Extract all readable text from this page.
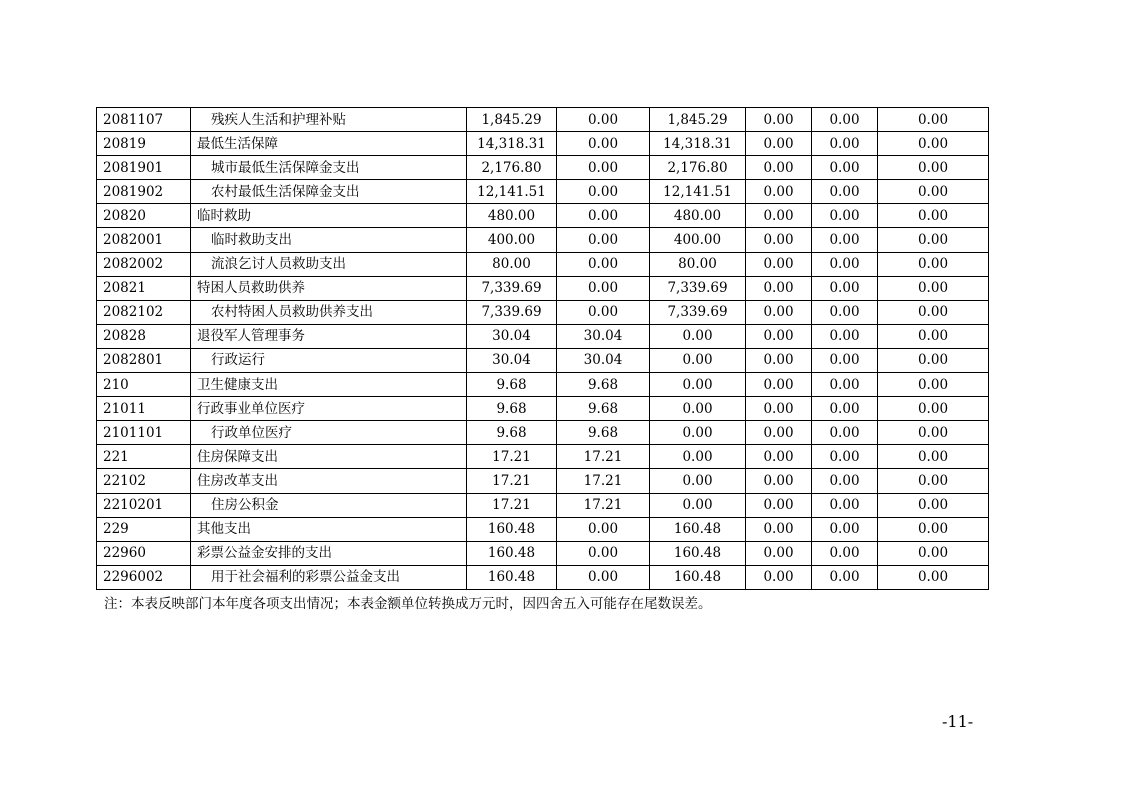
2081107	残疾人生活和护理补贴	1,845.29	0.00	1,845.29	0.00	0.00	0.00
20819	最低生活保障	14,318.31	0.00	14,318.31	0.00	0.00	0.00
2081901	城市最低生活保障金支出	2,176.80	0.00	2,176.80	0.00	0.00	0.00
2081902	农村最低生活保障金支出	12,141.51	0.00	12,141.51	0.00	0.00	0.00
20820	临时救助	480.00	0.00	480.00	0.00	0.00	0.00
2082001	临时救助支出	400.00	0.00	400.00	0.00	0.00	0.00
2082002	流浪乞讨人员救助支出	80.00	0.00	80.00	0.00	0.00	0.00
20821	特困人员救助供养	7,339.69	0.00	7,339.69	0.00	0.00	0.00
2082102	农村特困人员救助供养支出	7,339.69	0.00	7,339.69	0.00	0.00	0.00
20828	退役军人管理事务	30.04	30.04	0.00	0.00	0.00	0.00
2082801	行政运行	30.04	30.04	0.00	0.00	0.00	0.00
210	卫生健康支出	9.68	9.68	0.00	0.00	0.00	0.00
21011	行政事业单位医疗	9.68	9.68	0.00	0.00	0.00	0.00
2101101	行政单位医疗	9.68	9.68	0.00	0.00	0.00	0.00
221	住房保障支出	17.21	17.21	0.00	0.00	0.00	0.00
22102	住房改革支出	17.21	17.21	0.00	0.00	0.00	0.00
2210201	住房公积金	17.21	17.21	0.00	0.00	0.00	0.00
229	其他支出	160.48	0.00	160.48	0.00	0.00	0.00
22960	彩票公益金安排的支出	160.48	0.00	160.48	0.00	0.00	0.00
2296002	用于社会福利的彩票公益金支出	160.48	0.00	160.48	0.00	0.00	0.00
注：本表反映部门本年度各项支出情况；本表金额单位转换成万元时，因四舍五入可能存在尾数误差。
-11-
